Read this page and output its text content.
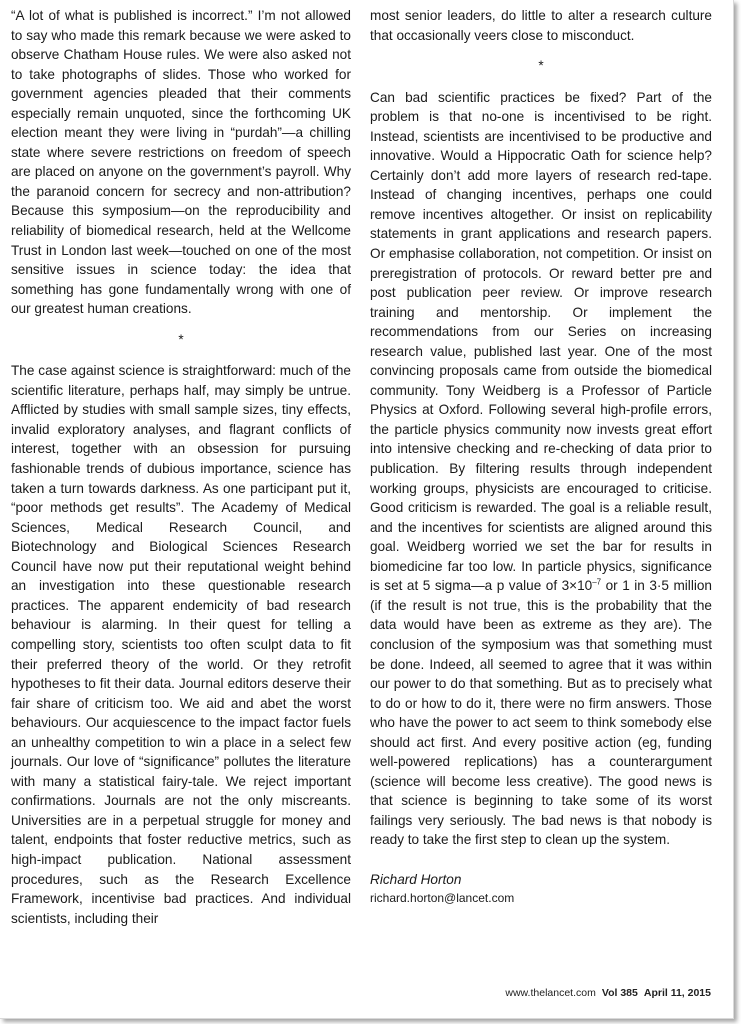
“A lot of what is published is incorrect.” I’m not allowed to say who made this remark because we were asked to observe Chatham House rules. We were also asked not to take photographs of slides. Those who worked for government agencies pleaded that their comments especially remain unquoted, since the forthcoming UK election meant they were living in “purdah”—a chilling state where severe restrictions on freedom of speech are placed on anyone on the government’s payroll. Why the paranoid concern for secrecy and non-attribution? Because this symposium—on the reproducibility and reliability of biomedical research, held at the Wellcome Trust in London last week—touched on one of the most sensitive issues in science today: the idea that something has gone fundamentally wrong with one of our greatest human creations.

*

The case against science is straightforward: much of the scientific literature, perhaps half, may simply be untrue. Afflicted by studies with small sample sizes, tiny effects, invalid exploratory analyses, and flagrant conflicts of interest, together with an obsession for pursuing fashionable trends of dubious importance, science has taken a turn towards darkness. As one participant put it, “poor methods get results”. The Academy of Medical Sciences, Medical Research Council, and Biotechnology and Biological Sciences Research Council have now put their reputational weight behind an investigation into these questionable research practices. The apparent endemicity of bad research behaviour is alarming. In their quest for telling a compelling story, scientists too often sculpt data to fit their preferred theory of the world. Or they retrofit hypotheses to fit their data. Journal editors deserve their fair share of criticism too. We aid and abet the worst behaviours. Our acquiescence to the impact factor fuels an unhealthy competition to win a place in a select few journals. Our love of “significance” pollutes the literature with many a statistical fairy-tale. We reject important confirmations. Journals are not the only miscreants. Universities are in a perpetual struggle for money and talent, endpoints that foster reductive metrics, such as high-impact publication. National assessment procedures, such as the Research Excellence Framework, incentivise bad practices. And individual scientists, including their

most senior leaders, do little to alter a research culture that occasionally veers close to misconduct.

*

Can bad scientific practices be fixed? Part of the problem is that no-one is incentivised to be right. Instead, scientists are incentivised to be productive and innovative. Would a Hippocratic Oath for science help? Certainly don’t add more layers of research red-tape. Instead of changing incentives, perhaps one could remove incentives altogether. Or insist on replicability statements in grant applications and research papers. Or emphasise collaboration, not competition. Or insist on preregistration of protocols. Or reward better pre and post publication peer review. Or improve research training and mentorship. Or implement the recommendations from our Series on increasing research value, published last year. One of the most convincing proposals came from outside the biomedical community. Tony Weidberg is a Professor of Particle Physics at Oxford. Following several high-profile errors, the particle physics community now invests great effort into intensive checking and re-checking of data prior to publication. By filtering results through independent working groups, physicists are encouraged to criticise. Good criticism is rewarded. The goal is a reliable result, and the incentives for scientists are aligned around this goal. Weidberg worried we set the bar for results in biomedicine far too low. In particle physics, significance is set at 5 sigma—a p value of $3\times 10^{-7}$ or 1 in 3·5 million (if the result is not true, this is the probability that the data would have been as extreme as they are). The conclusion of the symposium was that something must be done. Indeed, all seemed to agree that it was within our power to do that something. But as to precisely what to do or how to do it, there were no firm answers. Those who have the power to act seem to think somebody else should act first. And every positive action (eg, funding well-powered replications) has a counterargument (science will become less creative). The good news is that science is beginning to take some of its worst failings very seriously. The bad news is that nobody is ready to take the first step to clean up the system.

Richard Horton
richard.horton@lancet.com
www.thelancet.com Vol 385 April 11, 2015
